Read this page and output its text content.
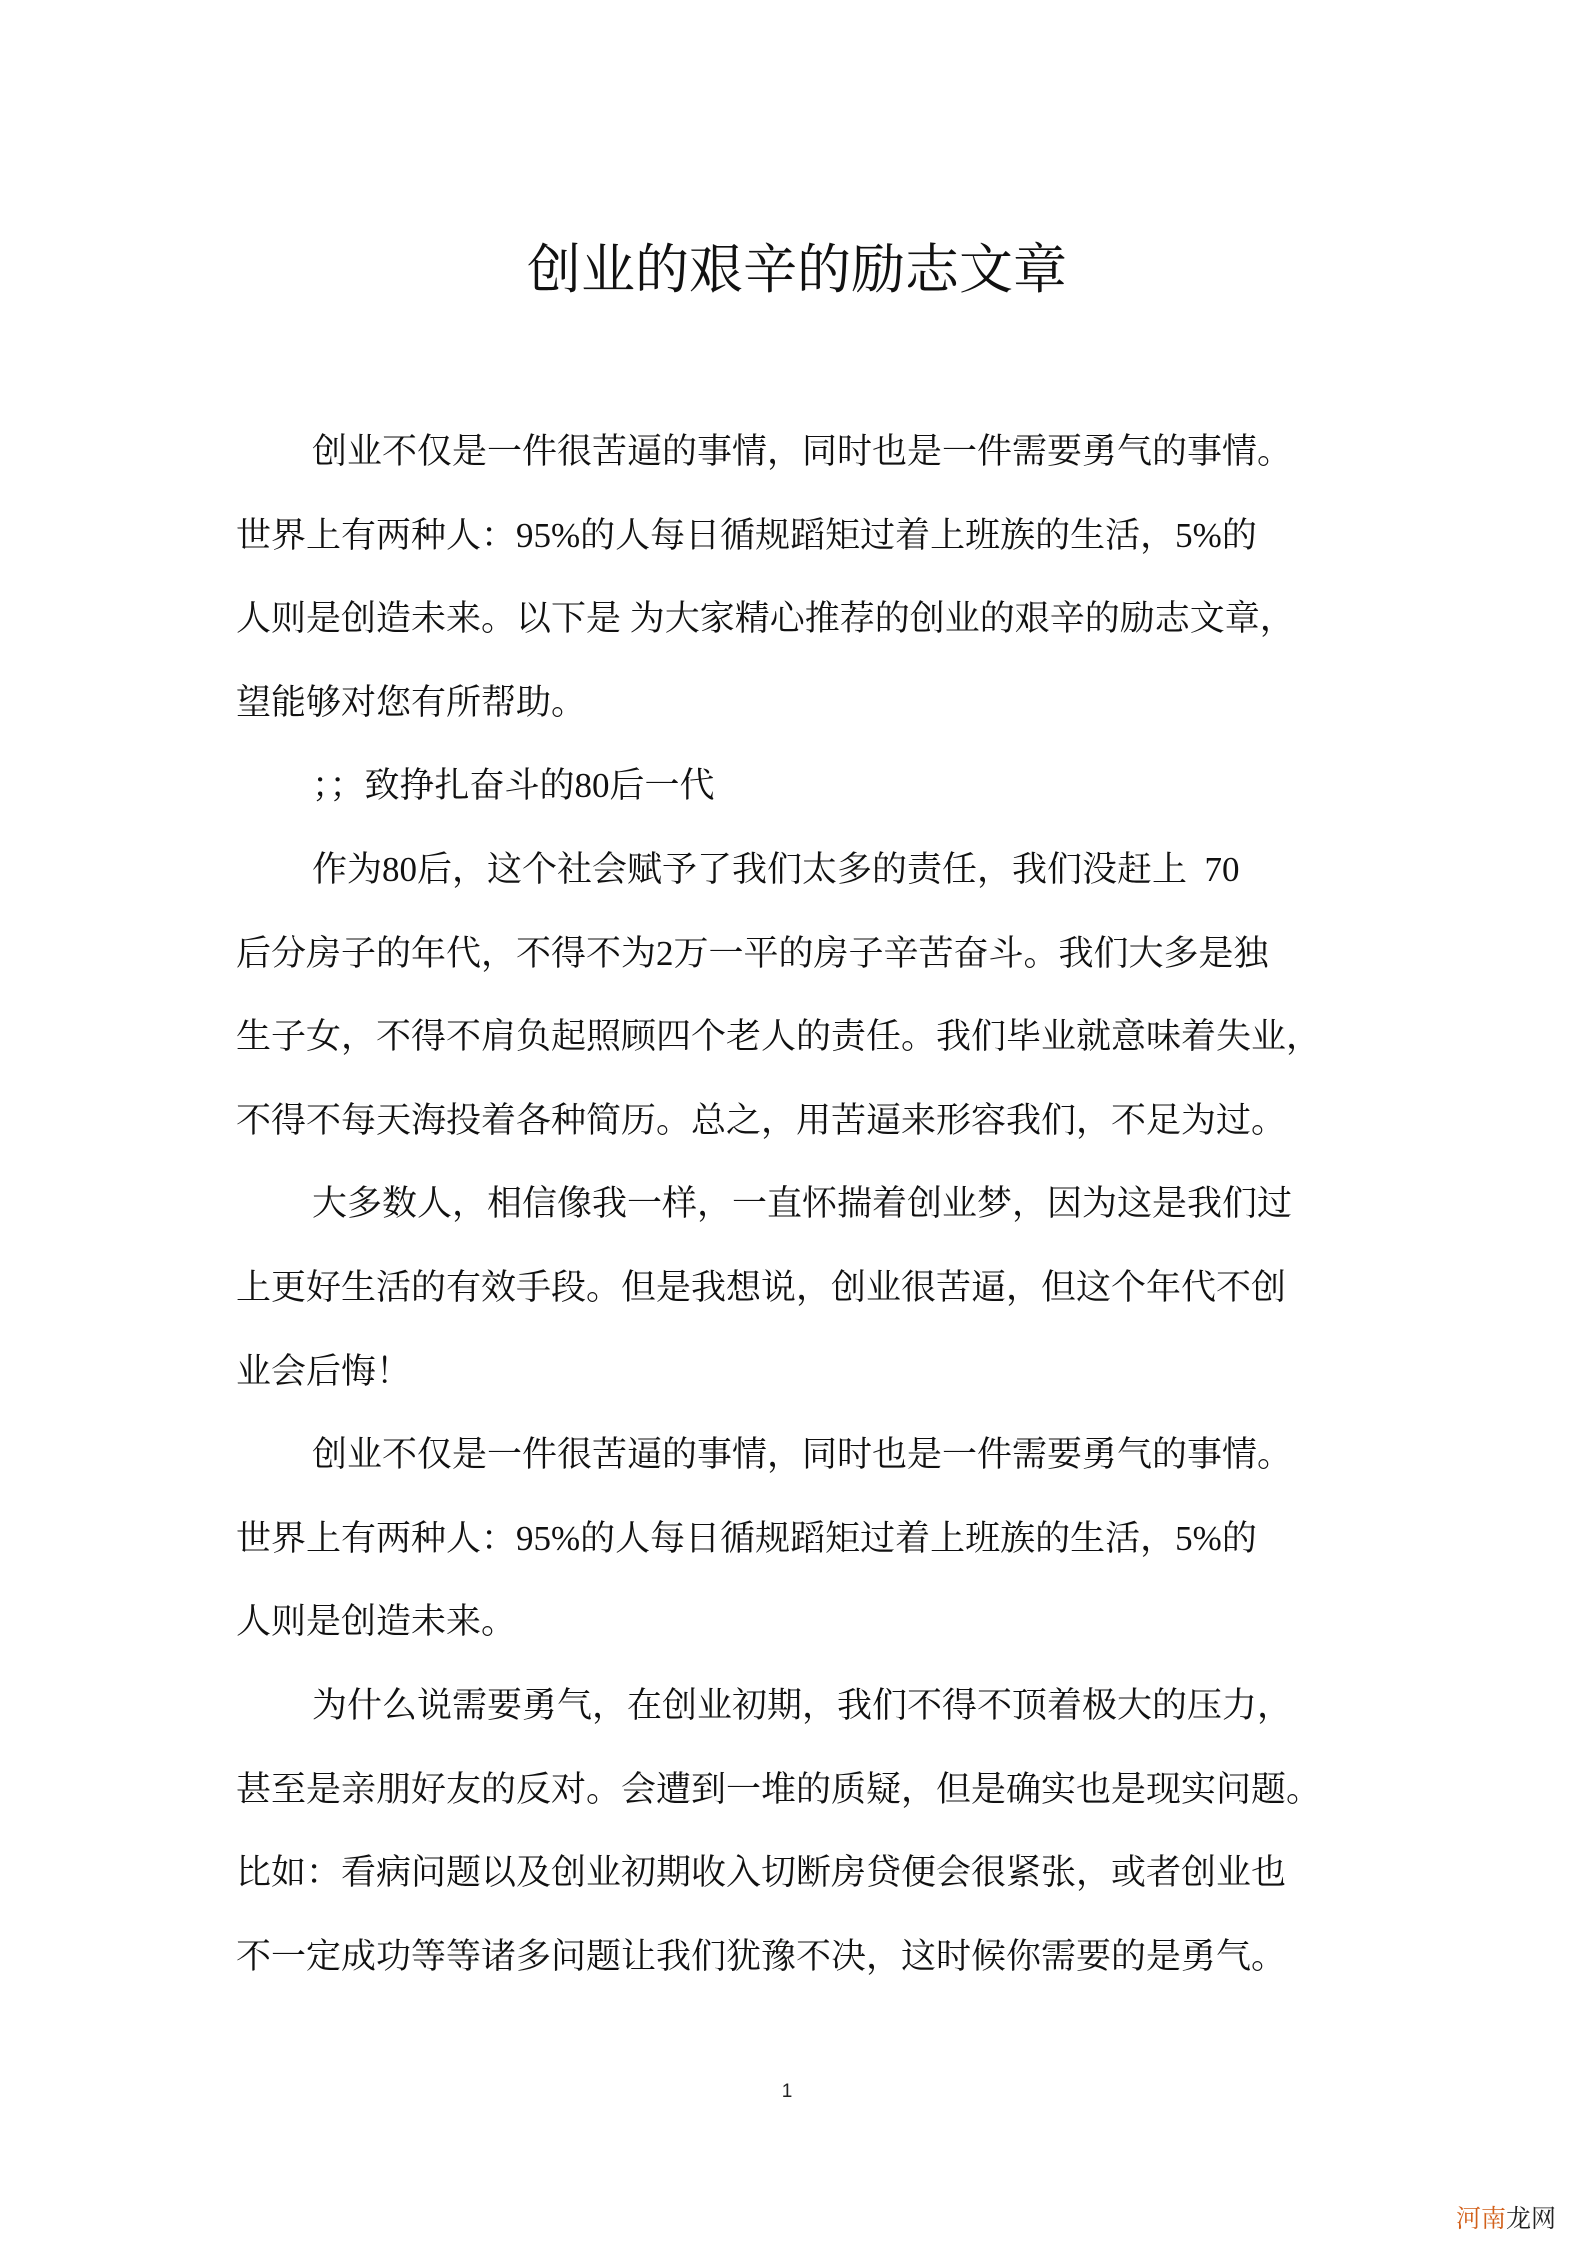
创业的艰辛的励志文章
创业不仅是一件很苦逼的事情，同时也是一件需要勇气的事情。
世界上有两种人：95%的人每日循规蹈矩过着上班族的生活，5%的
人则是创造未来。以下是 为大家精心推荐的创业的艰辛的励志文章，
望能够对您有所帮助。
；；致挣扎奋斗的80后一代
作为80后，这个社会赋予了我们太多的责任，我们没赶上  70
后分房子的年代，不得不为2万一平的房子辛苦奋斗。我们大多是独
生子女，不得不肩负起照顾四个老人的责任。我们毕业就意味着失业，
不得不每天海投着各种简历。总之，用苦逼来形容我们，不足为过。
大多数人，相信像我一样，一直怀揣着创业梦，因为这是我们过
上更好生活的有效手段。但是我想说，创业很苦逼，但这个年代不创
业会后悔！
创业不仅是一件很苦逼的事情，同时也是一件需要勇气的事情。
世界上有两种人：95%的人每日循规蹈矩过着上班族的生活，5%的
人则是创造未来。
为什么说需要勇气，在创业初期，我们不得不顶着极大的压力，
甚至是亲朋好友的反对。会遭到一堆的质疑，但是确实也是现实问题。
比如：看病问题以及创业初期收入切断房贷便会很紧张，或者创业也
不一定成功等等诸多问题让我们犹豫不决，这时候你需要的是勇气。
1
河南龙网
